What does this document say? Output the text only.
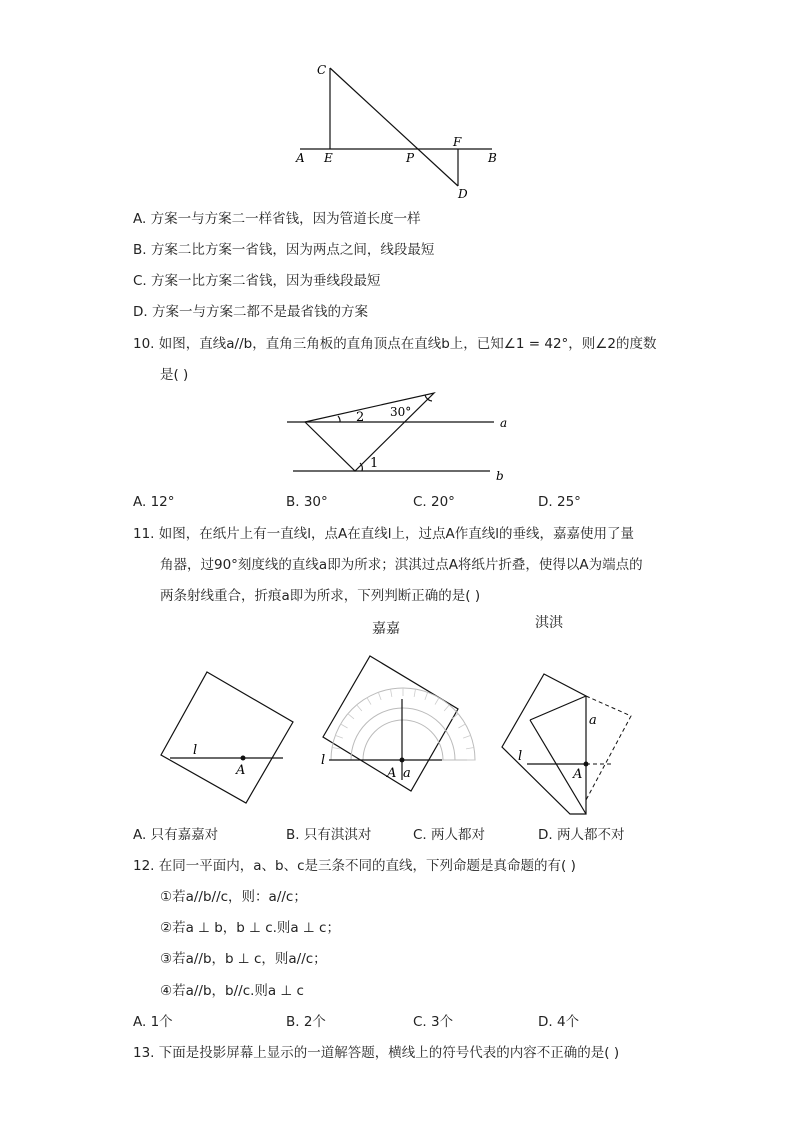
C
A E	P
F
B
D
A. 方案一与方案二一样省钱，因为管道长度一样
B. 方案二比方案一省钱，因为两点之间，线段最短
C. 方案一比方案二省钱，因为垂线段最短
D. 方案一与方案二都不是最省钱的方案
10. 如图，直线a//b，直角三角板的直角顶点在直线b上，已知∠1 = 42°，则∠2的度数
是( )
a
b
2 30°
1
A. 12°	B. 30°	C. 20°	D. 25°
11. 如图，在纸片上有一直线l，点A在直线l上，过点A作直线l的垂线，嘉嘉使用了量
角器，过90°刻度线的直线a即为所求；淇淇过点A将纸片折叠，使得以A为端点的
两条射线重合，折痕a即为所求，下列判断正确的是( )
嘉嘉	淇淇
l
A
l
A a
l
A
a
A. 只有嘉嘉对	B. 只有淇淇对	C. 两人都对	D. 两人都不对
12. 在同一平面内，a、b、c是三条不同的直线，下列命题是真命题的有( )
①若a//b//c，则：a//c；
②若a ⊥ b，b ⊥ c.则a ⊥ c；
③若a//b，b ⊥ c，则a//c；
④若a//b，b//c.则a ⊥ c
A. 1个	B. 2个	C. 3个	D. 4个
13. 下面是投影屏幕上显示的一道解答题，横线上的符号代表的内容不正确的是( )
